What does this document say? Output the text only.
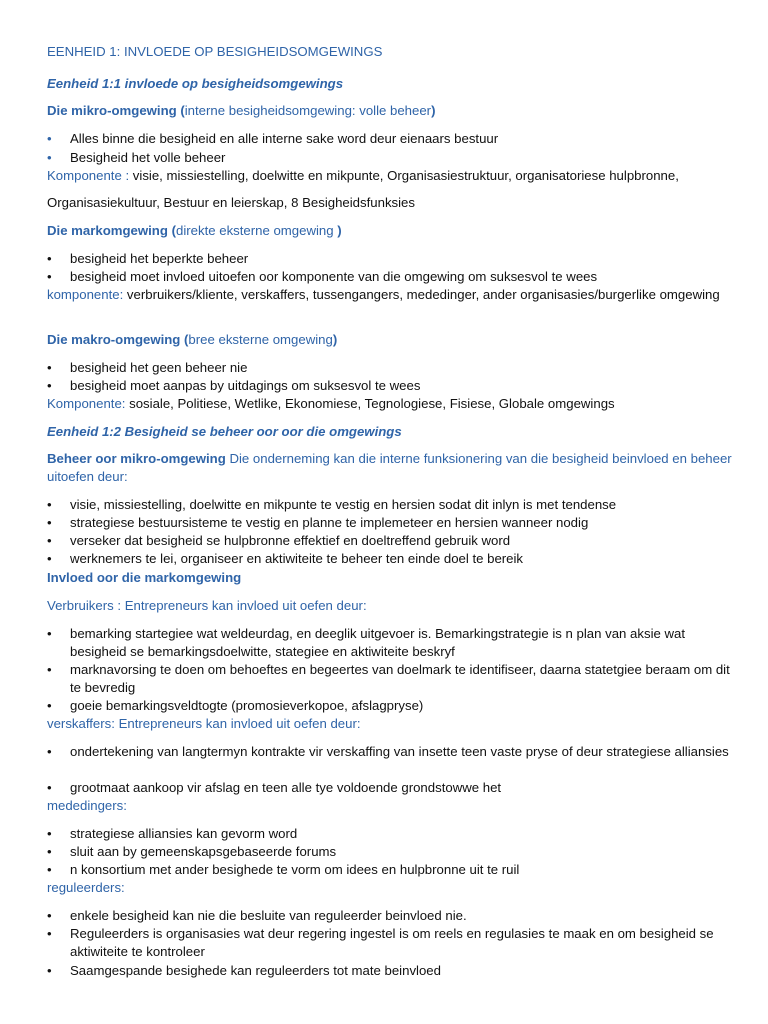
EENHEID 1: INVLOEDE OP BESIGHEIDSOMGEWINGS
Eenheid 1:1 invloede op besigheidsomgewings
Die mikro-omgewing (interne besigheidsomgewing: volle beheer)
•	Alles binne die besigheid en alle interne sake word deur eienaars bestuur
•	Besigheid het volle beheer
Komponente : visie, missiestelling, doelwitte en mikpunte, Organisasiestruktuur, organisatoriese hulpbronne,
Organisasiekultuur, Bestuur en leierskap, 8 Besigheidsfunksies
Die markomgewing (direkte eksterne omgewing )
•	besigheid het beperkte beheer
•	besigheid moet invloed uitoefen oor komponente van die omgewing om suksesvol te wees
komponente: verbruikers/kliente, verskaffers, tussengangers, mededinger, ander organisasies/burgerlike omgewing
Die makro-omgewing (bree eksterne omgewing)
•	besigheid het geen beheer nie
•	besigheid moet aanpas by uitdagings om suksesvol te wees
Komponente: sosiale, Politiese, Wetlike, Ekonomiese, Tegnologiese, Fisiese, Globale omgewings
Eenheid 1:2 Besigheid se beheer oor oor die omgewings
Beheer oor mikro-omgewing Die onderneming kan die interne funksionering van die besigheid beinvloed en beheer uitoefen deur:
•	visie, missiestelling, doelwitte en mikpunte te vestig en hersien sodat dit inlyn is met tendense
•	strategiese bestuursisteme te vestig en planne te implemeteer en hersien wanneer nodig
•	verseker dat besigheid se hulpbronne effektief en doeltreffend gebruik word
•	werknemers te lei, organiseer en aktiwiteite te beheer ten einde doel te bereik
Invloed oor die markomgewing
Verbruikers : Entrepreneurs kan invloed uit oefen deur:
•	bemarking startegiee wat weldeurdag, en deeglik uitgevoer is. Bemarkingstrategie is n plan van aksie wat besigheid se bemarkingsdoelwitte, stategiee en aktiwiteite beskryf
•	marknavorsing te doen om behoeftes en begeertes van doelmark te identifiseer, daarna statetgiee beraam om dit te bevredig
•	goeie bemarkingsveldtogte (promosieverkopoe, afslagpryse)
verskaffers: Entrepreneurs kan invloed uit oefen deur:
•	ondertekening van langtermyn kontrakte vir verskaffing van insette teen vaste pryse of deur strategiese alliansies
•	grootmaat aankoop vir afslag en teen alle tye voldoende grondstowwe het
mededingers:
•	strategiese alliansies kan gevorm word
•	sluit aan by gemeenskapsgebaseerde forums
•	n konsortium met ander besighede te vorm om idees en hulpbronne uit te ruil
reguleerders:
•	enkele besigheid kan nie die besluite van reguleerder beinvloed nie.
•	Reguleerders is organisasies wat deur regering ingestel is om reels en regulasies te maak en om besigheid se aktiwiteite te kontroleer
•	Saamgespande besighede kan reguleerders tot mate beinvloed
